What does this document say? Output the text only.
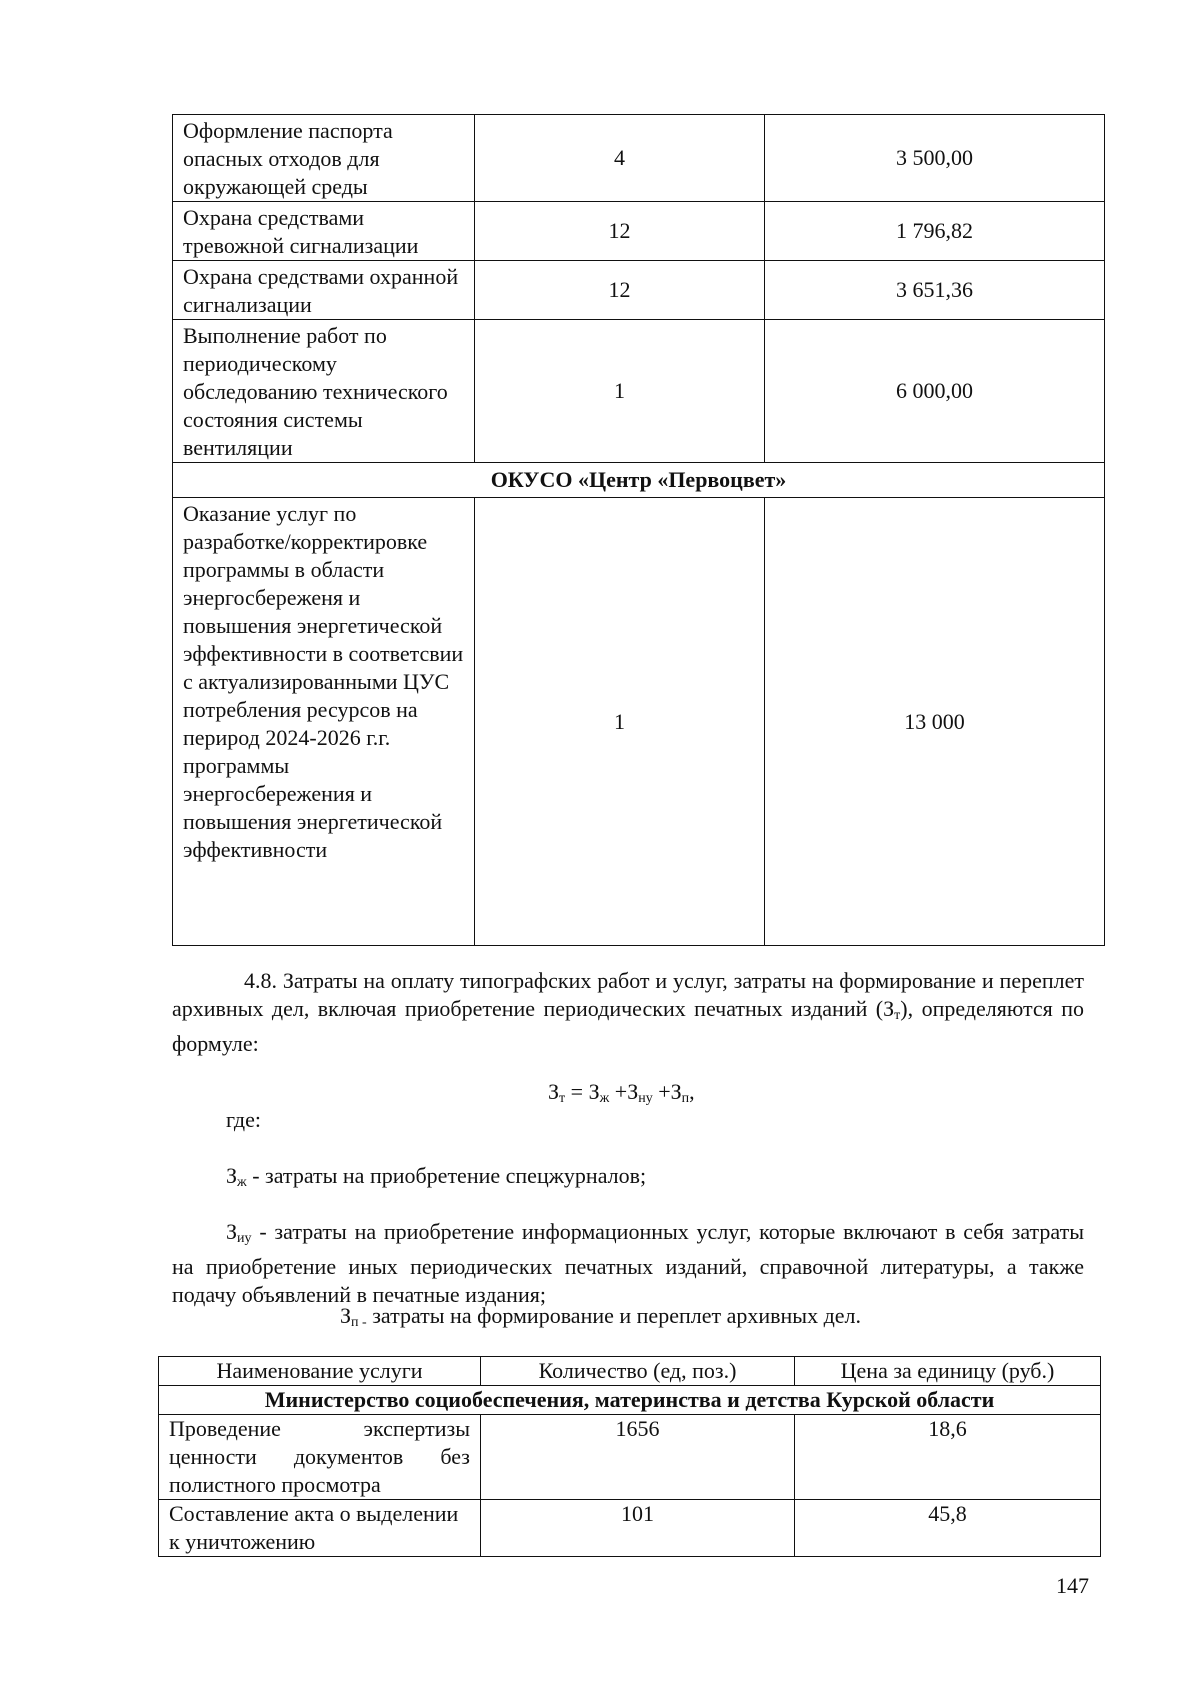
Оформление паспорта опасных отходов для окружающей среды	4	3 500,00
Охрана средствами тревожной сигнализации	12	1 796,82
Охрана средствами охранной сигнализации	12	3 651,36
Выполнение работ по периодическому обследованию технического состояния системы вентиляции	1	6 000,00
ОКУСО «Центр «Первоцвет»		
Оказание услуг по разработке/корректировке программы в области энергосбереженя и повышения энергетической эффективности в соответсвии с актуализированными ЦУС потребления ресурсов на перирод 2024-2026 г.г. программы энергосбережения и повышения энергетической эффективности	1	13 000
4.8. Затраты на оплату типографских работ и услуг, затраты на формирование и переплет архивных дел, включая приобретение периодических печатных изданий $(З_т)$, определяются по формуле:
$З_т = З_ж +З_{ну} +З_п$,
где:
$З_ж$ - затраты на приобретение спецжурналов;
$З_{иу}$ - затраты на приобретение информационных услуг, которые включают в себя затраты на приобретение иных периодических печатных изданий, справочной литературы, а также подачу объявлений в печатные издания;
$З_{п -}$ затраты на формирование и переплет архивных дел.
Наименование услуги	Количество (ед, поз.)	Цена за единицу (руб.)
Министерство социобеспечения, материнства и детства Курской области		

Проведение экспертизы
ценности документов без
полистного просмотра	1656	18,6
Составление акта о выделении к уничтожению	101	45,8
147
